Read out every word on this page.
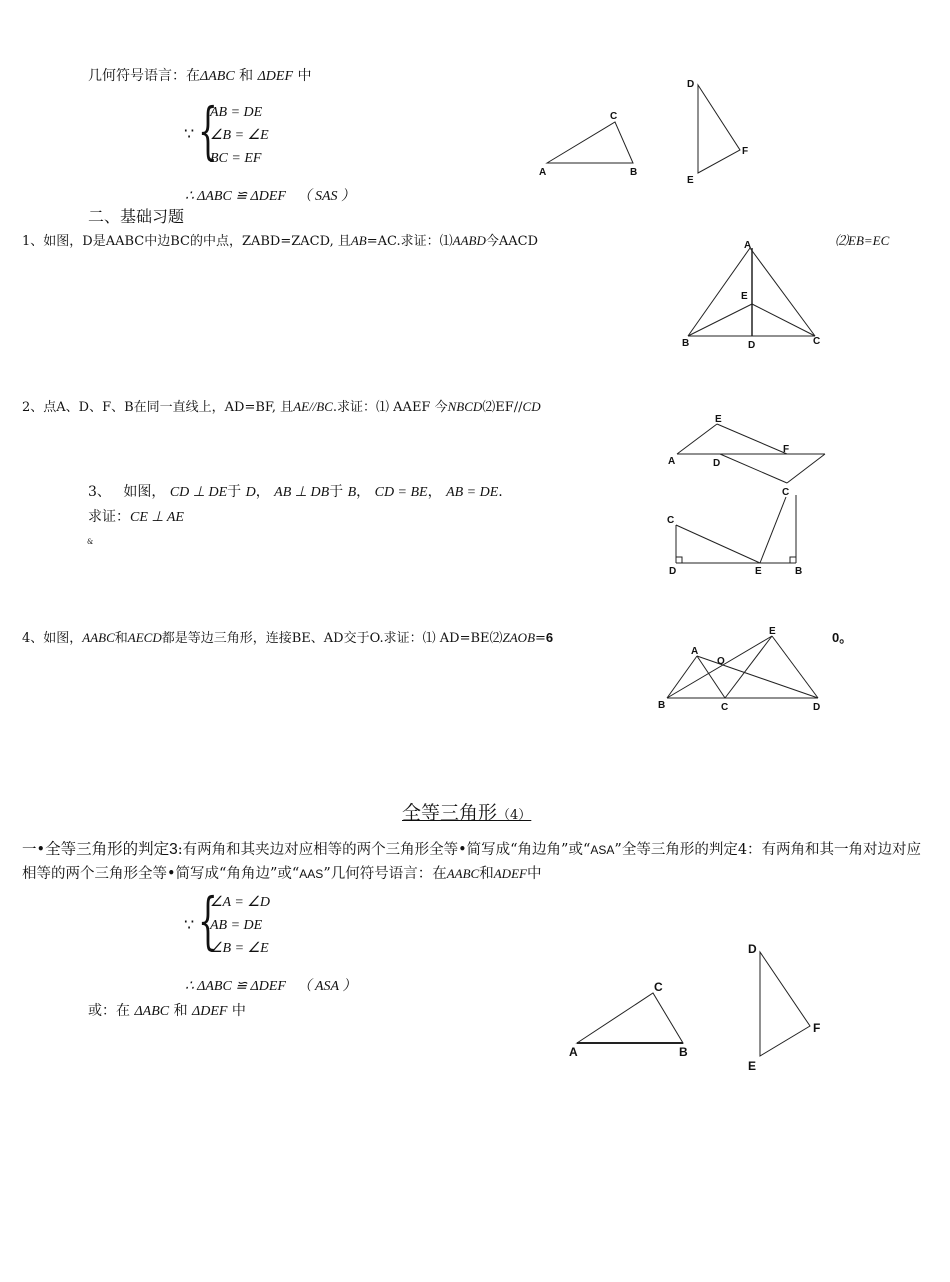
几何符号语言：在ΔABC 和 ΔDEF 中
∵ {
AB = DE
∠B = ∠E
BC = EF
∴ ΔABC ≌ ΔDEF （ SAS ）
A
C
B
D
F
E
二、基础习题
1、如图，D是AABC中边BC的中点，ZABD=ZACD, 且AB=AC.求证：⑴AABD今AACD	⑵EB=EC
A
E
B	D	C
2、点A、D、F、B在同一直线上，AD=BF, 且AE//BC.求证：⑴ AAEF 今NBCD⑵EF//CD
E
F
A	D
3、 如图， CD ⊥ DE于 D， AB ⊥ DB于 B， CD = BE， AB = DE.
求证：CE ⊥ AE
&
C
C
D	E	B
4、如图，AABC和AECD都是等边三角形，连接BE、AD交于O.求证：⑴ AD=BE⑵ZAOB=6	0。
E
A
O
B	C	D
全等三角形（4）
一•全等三角形的判定3:有两角和其夹边对应相等的两个三角形全等•简写成“角边角”或“ASA”全等三角形的判定4：有两角和其一角对边对应相等的两个三角形全等•简写成“角角边”或“AAS”几何符号语言：在AABC和ADEF中
∵ {
∠A = ∠D
AB = DE
∠B = ∠E
∴ ΔABC ≌ ΔDEF （ ASA ）
或：在 ΔABC 和 ΔDEF 中
A
C
B
D
F
E
